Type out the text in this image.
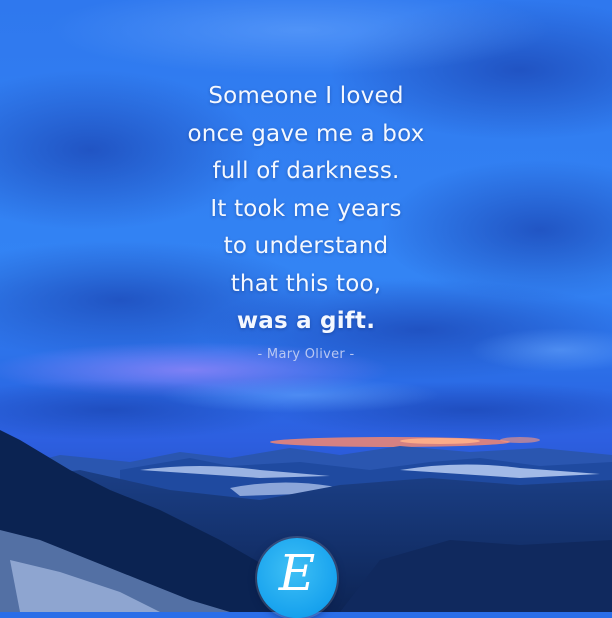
Someone I loved
once gave me a box
full of darkness.
It took me years
to understand
that this too,
was a gift.
- Mary Oliver -
E
